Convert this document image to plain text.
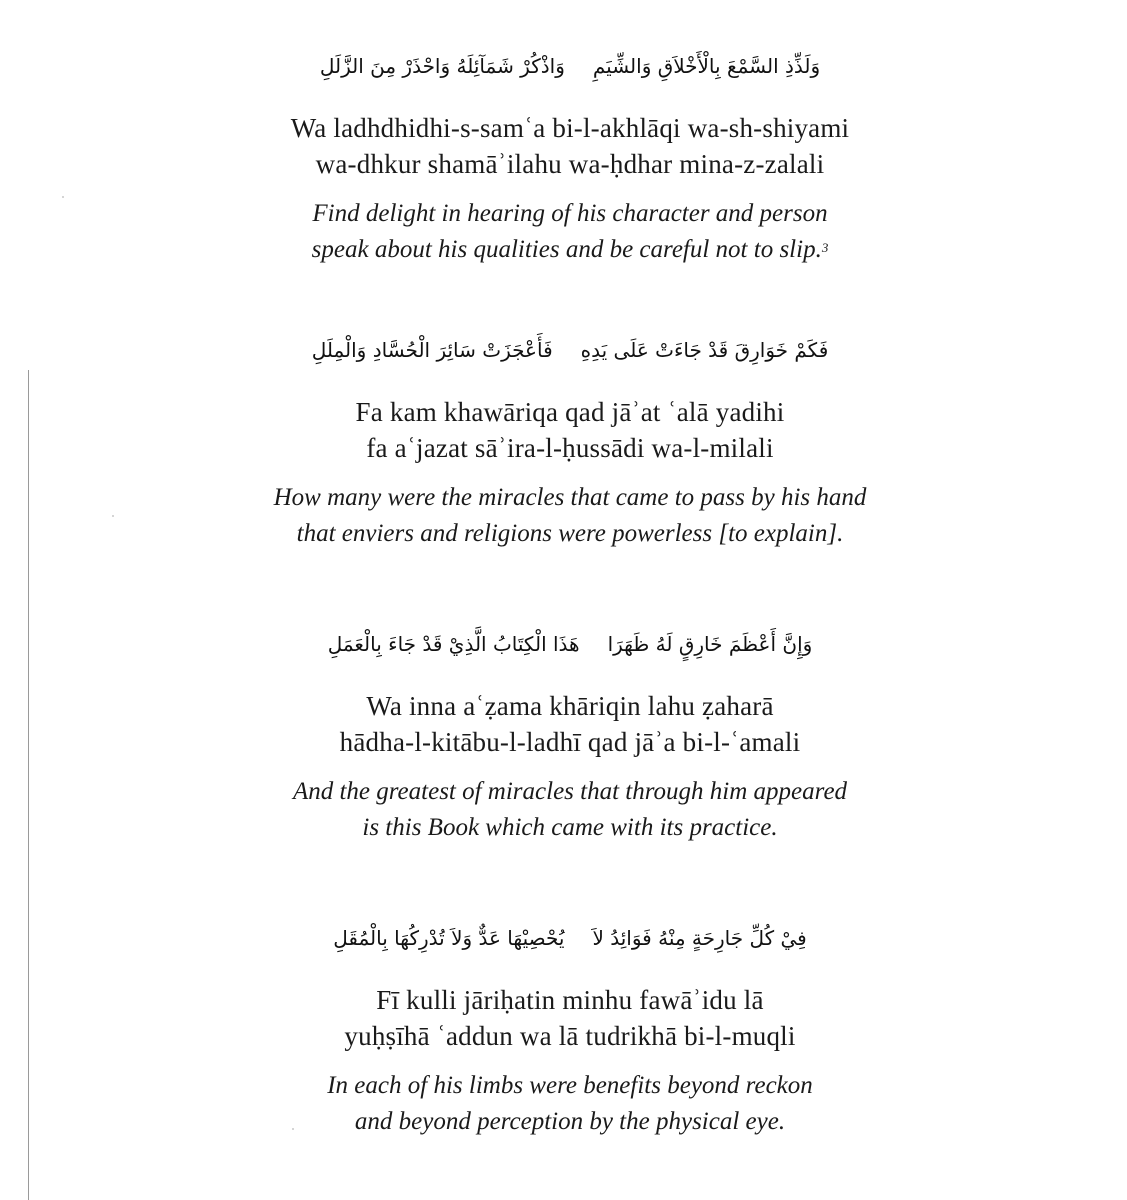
وَلَذِّذِ السَّمْعَ بِالْأَخْلاَقِ وَالشِّيَمِوَاذْكُرْ شَمَآئِلَهُ وَاحْذَرْ مِنَ الزَّلَلِ
Wa ladhdhidhi-s-samʿa bi-l-akhlāqi wa-sh-shiyami
wa-dhkur shamāʾilahu wa-ḥdhar mina-z-zalali
Find delight in hearing of his character and person
speak about his qualities and be careful not to slip.$^3$
فَكَمْ خَوَارِقَ قَدْ جَاءَتْ عَلَى يَدِهِفَأَعْجَزَتْ سَائِرَ الْحُسَّادِ وَالْمِلَلِ
Fa kam khawāriqa qad jāʾat ʿalā yadihi
fa aʿjazat sāʾira-l-ḥussādi wa-l-milali
How many were the miracles that came to pass by his hand
that enviers and religions were powerless [to explain].
وَإِنَّ أَعْظَمَ خَارِقٍ لَهُ ظَهَرَاهَذَا الْكِتَابُ الَّذِيْ قَدْ جَاءَ بِالْعَمَلِ
Wa inna aʿẓama khāriqin lahu ẓaharā
hādha-l-kitābu-l-ladhī qad jāʾa bi-l-ʿamali
And the greatest of miracles that through him appeared
is this Book which came with its practice.
فِيْ كُلِّ جَارِحَةٍ مِنْهُ فَوَائِدُ لاَيُحْصِيْهَا عَدٌّ وَلاَ تُدْرِكُهَا بِالْمُقَلِ
Fī kulli jāriḥatin minhu fawāʾidu lā
yuḥṣīhā ʿaddun wa lā tudrikhā bi-l-muqli
In each of his limbs were benefits beyond reckon
and beyond perception by the physical eye.
